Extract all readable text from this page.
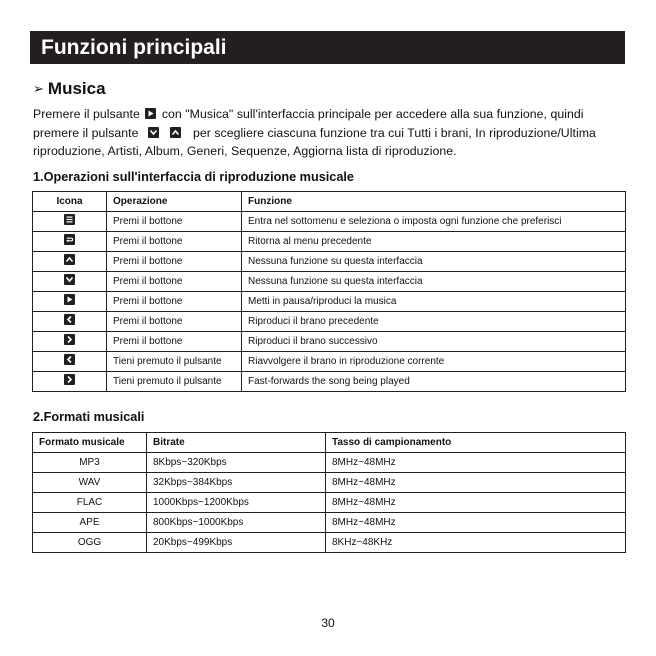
Funzioni principali
➢ Musica
Premere il pulsante con "Musica" sull'interfaccia principale per accedere alla sua funzione, quindi
premere il pulsante
	per scegliere ciascuna funzione tra cui Tutti i brani, In riproduzione/Ultima
riproduzione, Artisti, Album, Generi, Sequenze, Aggiorna lista di riproduzione.
1.Operazioni sull'interfaccia di riproduzione musicale
Icona	Operazione	Funzione

	Premi il bottone	Entra nel sottomenu e seleziona o imposta ogni funzione che preferisci

	Premi il bottone	Ritorna al menu precedente

	Premi il bottone	Nessuna funzione su questa interfaccia

	Premi il bottone	Nessuna funzione su questa interfaccia

	Premi il bottone	Metti in pausa/riproduci la musica

	Premi il bottone	Riproduci il brano precedente

	Premi il bottone	Riproduci il brano successivo

	Tieni premuto il pulsante	Riavvolgere il brano in riproduzione corrente

	Tieni premuto il pulsante	Fast-forwards the song being played
2.Formati musicali
Formato musicale	Bitrate	Tasso di campionamento
MP3	8Kbps~320Kbps	8MHz~48MHz
WAV	32Kbps~384Kbps	8MHz~48MHz
FLAC	1000Kbps~1200Kbps	8MHz~48MHz
APE	800Kbps~1000Kbps	8MHz~48MHz
OGG	20Kbps~499Kbps	8KHz~48KHz
30
